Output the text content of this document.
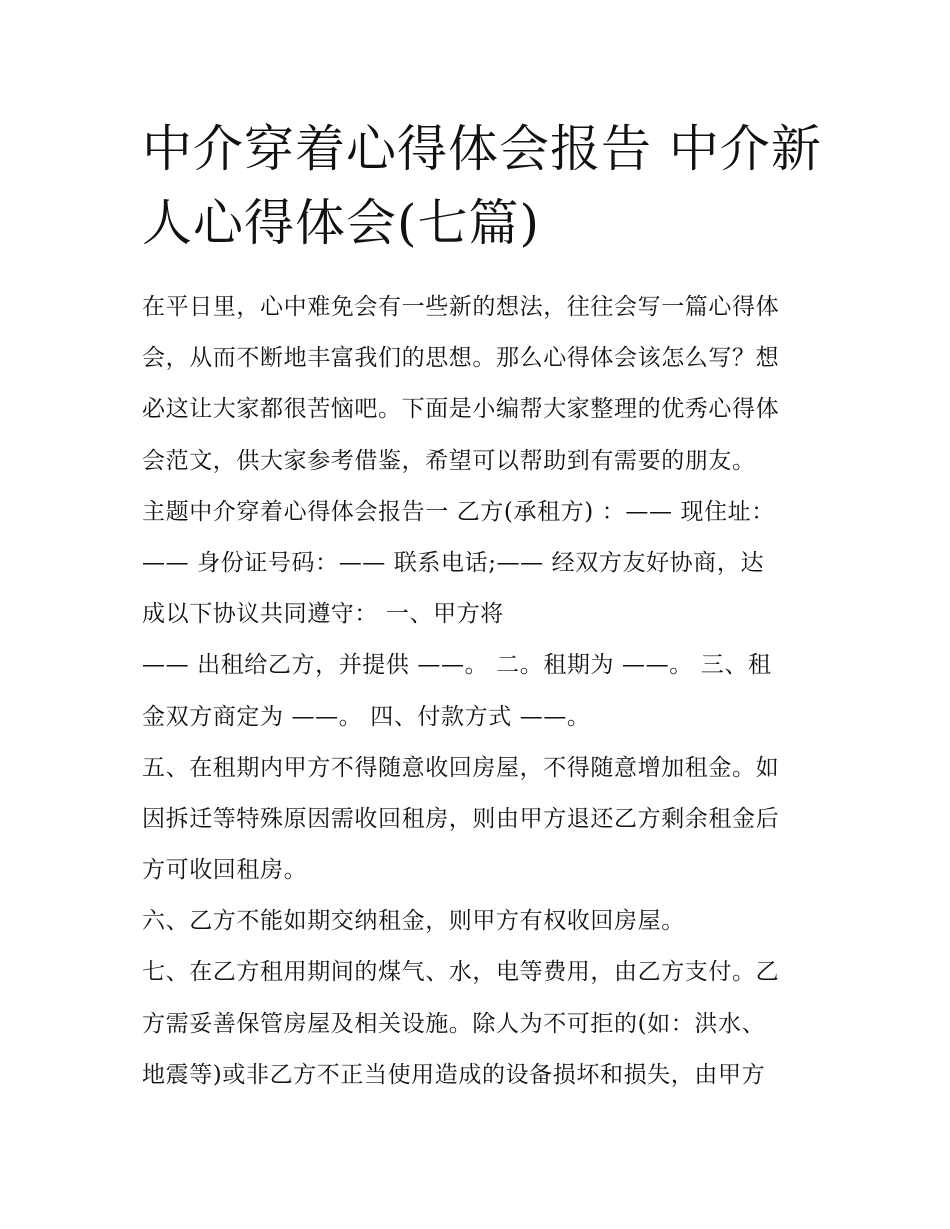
中介穿着心得体会报告 中介新
人心得体会(七篇)
在平日里，心中难免会有一些新的想法，往往会写一篇心得体
会，从而不断地丰富我们的思想。那么心得体会该怎么写？想
必这让大家都很苦恼吧。下面是小编帮大家整理的优秀心得体
会范文，供大家参考借鉴，希望可以帮助到有需要的朋友。
主题中介穿着心得体会报告一 乙方(承租方) ：—— 现住址：
—— 身份证号码：—— 联系电话;—— 经双方友好协商，达
成以下协议共同遵守： 一、甲方将
—— 出租给乙方，并提供 ——。 二。租期为 ——。 三、租
金双方商定为 ——。 四、付款方式 ——。
五、在租期内甲方不得随意收回房屋，不得随意增加租金。如
因拆迁等特殊原因需收回租房，则由甲方退还乙方剩余租金后
方可收回租房。
六、乙方不能如期交纳租金，则甲方有权收回房屋。
七、在乙方租用期间的煤气、水，电等费用，由乙方支付。乙
方需妥善保管房屋及相关设施。除人为不可拒的(如：洪水、
地震等)或非乙方不正当使用造成的设备损坏和损失，由甲方
